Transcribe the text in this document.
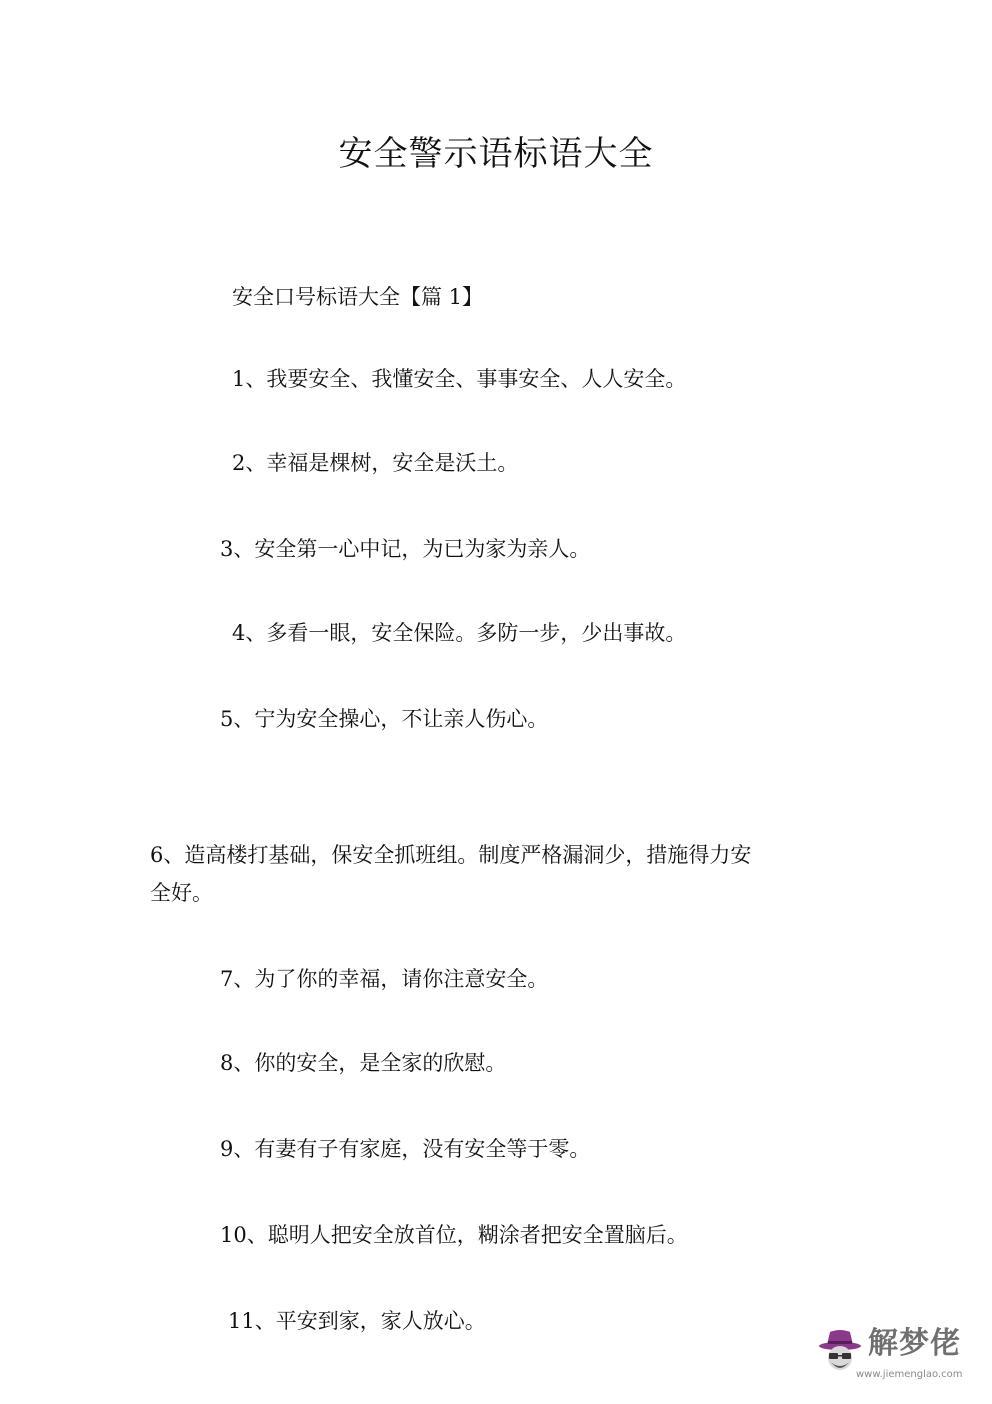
安全警示语标语大全
安全口号标语大全【篇 1】
1、我要安全、我懂安全、事事安全、人人安全。
2、幸福是棵树，安全是沃土。
3、安全第一心中记，为已为家为亲人。
4、多看一眼，安全保险。多防一步，少出事故。
5、宁为安全操心，不让亲人伤心。
6、造高楼打基础，保安全抓班组。制度严格漏洞少，措施得力安全好。
7、为了你的幸福，请你注意安全。
8、你的安全，是全家的欣慰。
9、有妻有子有家庭，没有安全等于零。
10、聪明人把安全放首位，糊涂者把安全置脑后。
11、平安到家，家人放心。
解梦佬
www.jiemenglao.com
